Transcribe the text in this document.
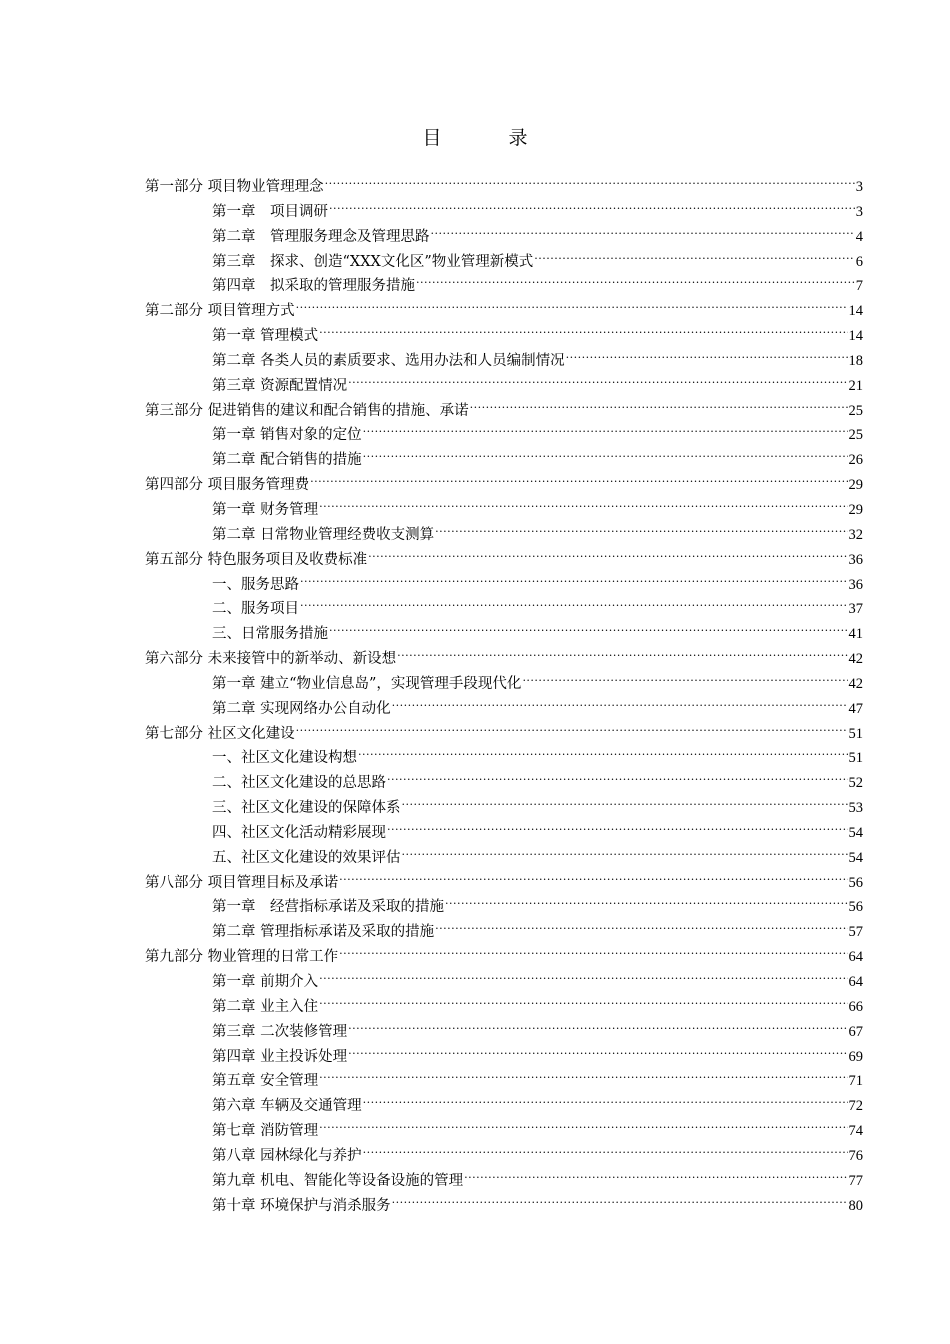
目　录
第一部分 项目物业管理理念 .....	3
第一章　项目调研 .....	3
第二章　管理服务理念及管理思路 .....	4
第三章　探求、创造“XXX文化区”物业管理新模式 .....	6
第四章　拟采取的管理服务措施 .....	7
第二部分 项目管理方式 .....	14
第一章 管理模式 .....	14
第二章 各类人员的素质要求、选用办法和人员编制情况 .....	18
第三章 资源配置情况 .....	21
第三部分 促进销售的建议和配合销售的措施、承诺 .....	25
第一章 销售对象的定位 .....	25
第二章 配合销售的措施 .....	26
第四部分 项目服务管理费 .....	29
第一章 财务管理 .....	29
第二章 日常物业管理经费收支测算 .....	32
第五部分 特色服务项目及收费标准 .....	36
一、服务思路 .....	36
二、服务项目 .....	37
三、日常服务措施 .....	41
第六部分 未来接管中的新举动、新设想 .....	42
第一章 建立“物业信息岛”，实现管理手段现代化 .....	42
第二章 实现网络办公自动化 .....	47
第七部分 社区文化建设 .....	51
一、社区文化建设构想 .....	51
二、社区文化建设的总思路 .....	52
三、社区文化建设的保障体系 .....	53
四、社区文化活动精彩展现 .....	54
五、社区文化建设的效果评估 .....	54
第八部分 项目管理目标及承诺 .....	56
第一章　经营指标承诺及采取的措施 .....	56
第二章 管理指标承诺及采取的措施 .....	57
第九部分 物业管理的日常工作 .....	64
第一章 前期介入 .....	64
第二章 业主入住 .....	66
第三章 二次装修管理 .....	67
第四章 业主投诉处理 .....	69
第五章 安全管理 .....	71
第六章 车辆及交通管理 .....	72
第七章 消防管理 .....	74
第八章 园林绿化与养护 .....	76
第九章 机电、智能化等设备设施的管理 .....	77
第十章 环境保护与消杀服务 .....	80
